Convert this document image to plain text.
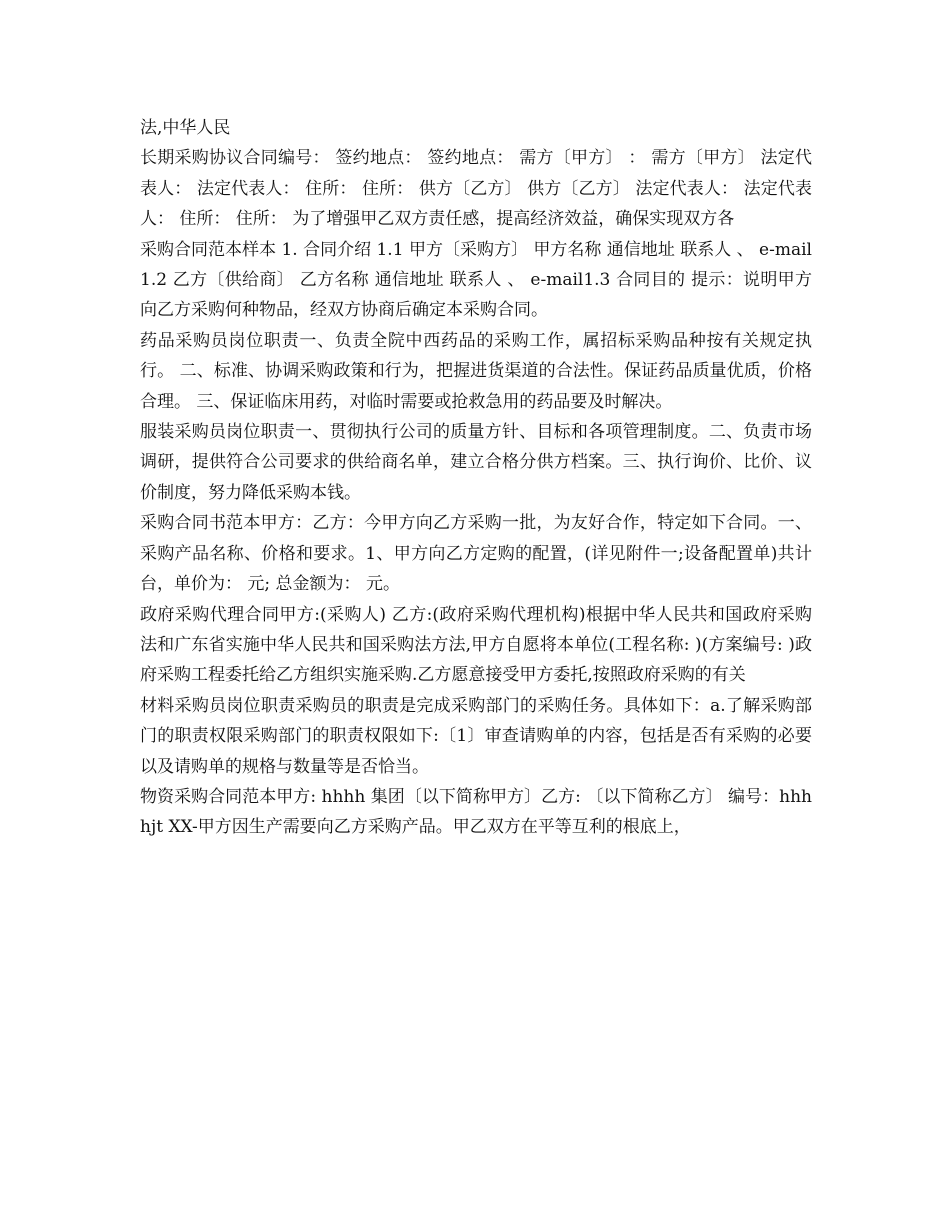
法,中华人民

长期采购协议合同编号： 签约地点： 签约地点： 需方〔甲方〕 ： 需方〔甲方〕 法定代表人： 法定代表人： 住所： 住所： 供方〔乙方〕 供方〔乙方〕 法定代表人： 法定代表人： 住所： 住所： 为了增强甲乙双方责任感，提高经济效益，确保实现双方各

采购合同范本样本 1. 合同介绍 1.1 甲方〔采购方〕 甲方名称 通信地址 联系人 、 e-mail1.2 乙方〔供给商〕 乙方名称 通信地址 联系人 、 e-mail1.3 合同目的 提示：说明甲方向乙方采购何种物品，经双方协商后确定本采购合同。

药品采购员岗位职责一、负责全院中西药品的采购工作，属招标采购品种按有关规定执行。 二、标准、协调采购政策和行为，把握进货渠道的合法性。保证药品质量优质，价格合理。 三、保证临床用药，对临时需要或抢救急用的药品要及时解决。

服装采购员岗位职责一、贯彻执行公司的质量方针、目标和各项管理制度。二、负责市场调研，提供符合公司要求的供给商名单，建立合格分供方档案。三、执行询价、比价、议价制度，努力降低采购本钱。

采购合同书范本甲方：乙方：今甲方向乙方采购一批，为友好合作，特定如下合同。一、采购产品名称、价格和要求。1、甲方向乙方定购的配置，(详见附件一;设备配置单)共计 台，单价为： 元; 总金额为： 元。

政府采购代理合同甲方:(采购人) 乙方:(政府采购代理机构)根据中华人民共和国政府采购法和广东省实施中华人民共和国采购法方法,甲方自愿将本单位(工程名称: )(方案编号: )政府采购工程委托给乙方组织实施采购.乙方愿意接受甲方委托,按照政府采购的有关

材料采购员岗位职责采购员的职责是完成采购部门的采购任务。具体如下：a.了解采购部门的职责权限采购部门的职责权限如下:〔1〕审查请购单的内容，包括是否有采购的必要以及请购单的规格与数量等是否恰当。

物资采购合同范本甲方: hhhh 集团〔以下简称甲方〕乙方: 〔以下简称乙方〕 编号：hhhhjt XX-甲方因生产需要向乙方采购产品。甲乙双方在平等互利的根底上，
